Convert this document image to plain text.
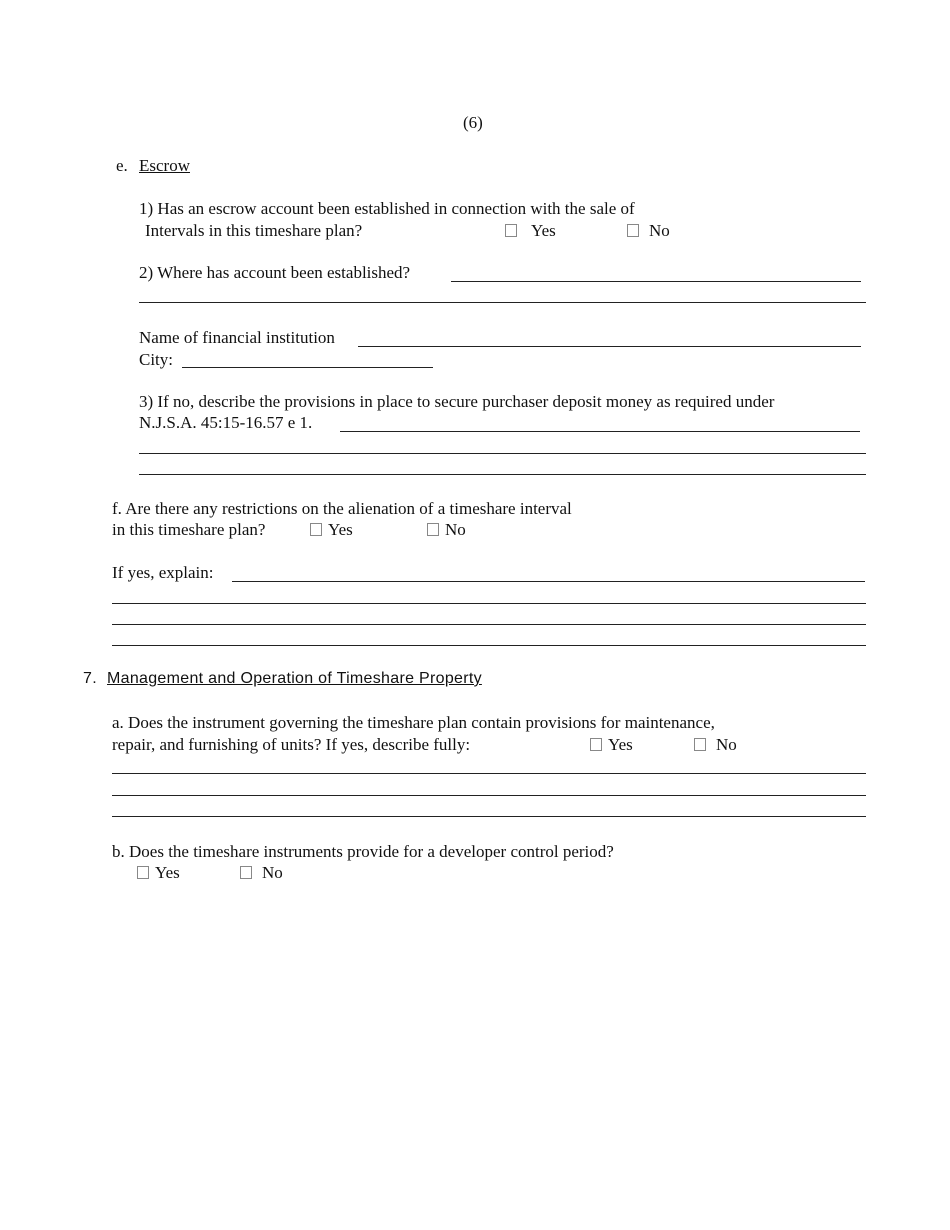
(6)
e. Escrow
1) Has an escrow account been established in connection with the sale of
Intervals in this timeshare plan?	Yes	No
2) Where has account been established?
Name of financial institution
City:
3) If no, describe the provisions in place to secure purchaser deposit money as required under
N.J.S.A. 45:15-16.57 e 1.
f. Are there any restrictions on the alienation of a timeshare interval
in this timeshare plan?	Yes	No
If yes, explain:
7. Management and Operation of Timeshare Property
a. Does the instrument governing the timeshare plan contain provisions for maintenance,
repair, and furnishing of units? If yes, describe fully:	Yes	No
b. Does the timeshare instruments provide for a developer control period?
Yes	No
